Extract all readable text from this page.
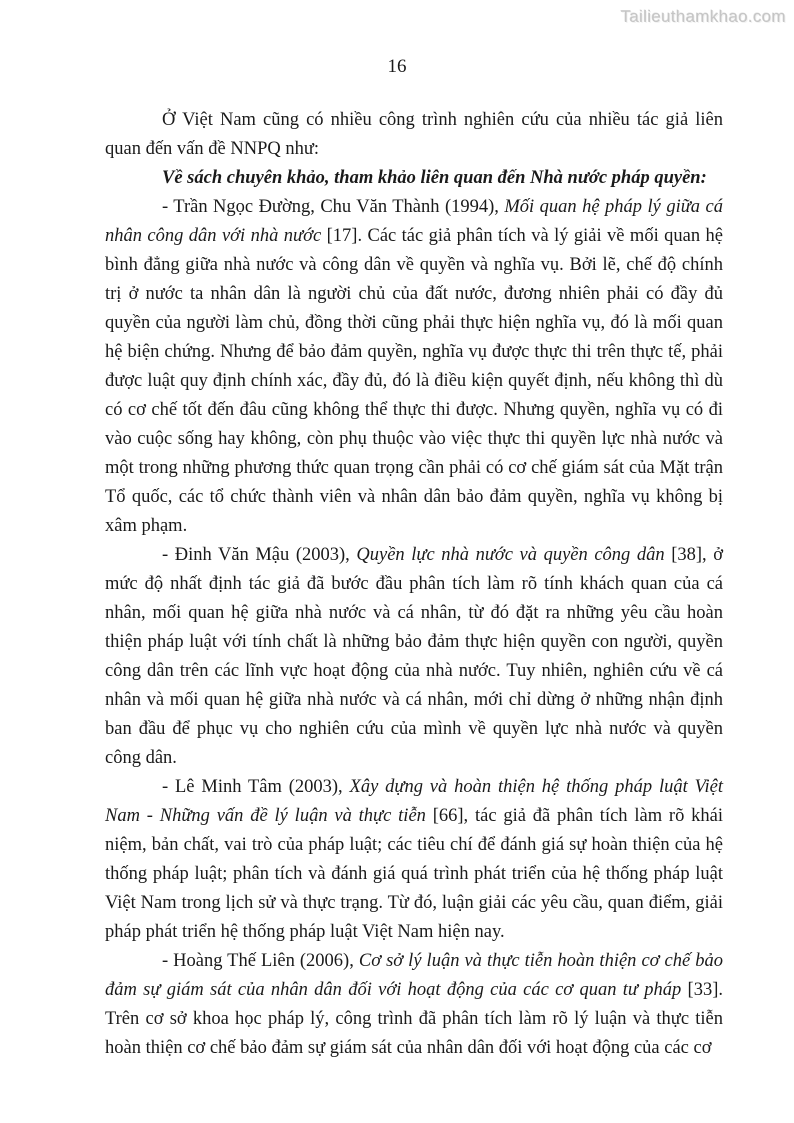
Tailieuthamkhao.com
16

Ở Việt Nam cũng có nhiều công trình nghiên cứu của nhiều tác giả liên quan đến vấn đề NNPQ như:

Về sách chuyên khảo, tham khảo liên quan đến Nhà nước pháp quyền:

- Trần Ngọc Đường, Chu Văn Thành (1994), Mối quan hệ pháp lý giữa cá nhân công dân với nhà nước [17]. Các tác giả phân tích và lý giải về mối quan hệ bình đẳng giữa nhà nước và công dân về quyền và nghĩa vụ. Bởi lẽ, chế độ chính trị ở nước ta nhân dân là người chủ của đất nước, đương nhiên phải có đầy đủ quyền của người làm chủ, đồng thời cũng phải thực hiện nghĩa vụ, đó là mối quan hệ biện chứng. Nhưng để bảo đảm quyền, nghĩa vụ được thực thi trên thực tế, phải được luật quy định chính xác, đầy đủ, đó là điều kiện quyết định, nếu không thì dù có cơ chế tốt đến đâu cũng không thể thực thi được. Nhưng quyền, nghĩa vụ có đi vào cuộc sống hay không, còn phụ thuộc vào việc thực thi quyền lực nhà nước và một trong những phương thức quan trọng cần phải có cơ chế giám sát của Mặt trận Tổ quốc, các tổ chức thành viên và nhân dân bảo đảm quyền, nghĩa vụ không bị xâm phạm.

- Đinh Văn Mậu (2003), Quyền lực nhà nước và quyền công dân [38], ở mức độ nhất định tác giả đã bước đầu phân tích làm rõ tính khách quan của cá nhân, mối quan hệ giữa nhà nước và cá nhân, từ đó đặt ra những yêu cầu hoàn thiện pháp luật với tính chất là những bảo đảm thực hiện quyền con người, quyền công dân trên các lĩnh vực hoạt động của nhà nước. Tuy nhiên, nghiên cứu về cá nhân và mối quan hệ giữa nhà nước và cá nhân, mới chỉ dừng ở những nhận định ban đầu để phục vụ cho nghiên cứu của mình về quyền lực nhà nước và quyền công dân.

- Lê Minh Tâm (2003), Xây dựng và hoàn thiện hệ thống pháp luật Việt Nam - Những vấn đề lý luận và thực tiễn [66], tác giả đã phân tích làm rõ khái niệm, bản chất, vai trò của pháp luật; các tiêu chí để đánh giá sự hoàn thiện của hệ thống pháp luật; phân tích và đánh giá quá trình phát triển của hệ thống pháp luật Việt Nam trong lịch sử và thực trạng. Từ đó, luận giải các yêu cầu, quan điểm, giải pháp phát triển hệ thống pháp luật Việt Nam hiện nay.

- Hoàng Thế Liên (2006), Cơ sở lý luận và thực tiễn hoàn thiện cơ chế bảo đảm sự giám sát của nhân dân đối với hoạt động của các cơ quan tư pháp [33]. Trên cơ sở khoa học pháp lý, công trình đã phân tích làm rõ lý luận và thực tiễn hoàn thiện cơ chế bảo đảm sự giám sát của nhân dân đối với hoạt động của các cơ
